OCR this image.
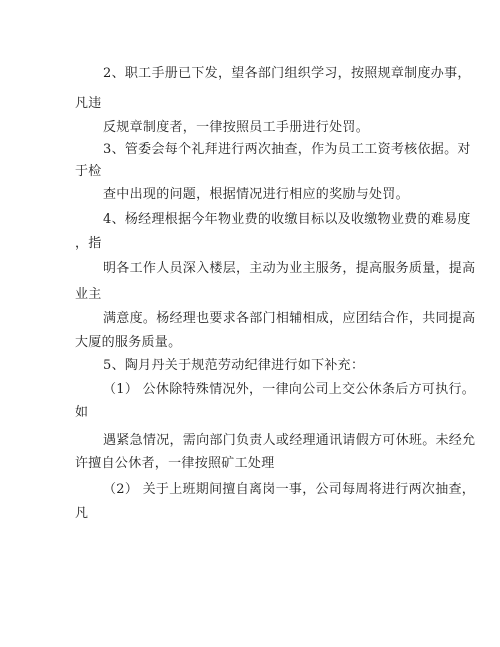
2、职工手册已下发，望各部门组织学习，按照规章制度办事，
凡违
反规章制度者，一律按照员工手册进行处罚。
3、管委会每个礼拜进行两次抽查，作为员工工资考核依据。对
于检
查中出现的问题，根据情况进行相应的奖励与处罚。
4、杨经理根据今年物业费的收缴目标以及收缴物业费的难易度
，指
明各工作人员深入楼层，主动为业主服务，提高服务质量，提高
业主
满意度。杨经理也要求各部门相辅相成，应团结合作，共同提高
大厦的服务质量。
5、陶月丹关于规范劳动纪律进行如下补充：
（1） 公休除特殊情况外，一律向公司上交公休条后方可执行。
如
遇紧急情况，需向部门负责人或经理通讯请假方可休班。未经允
许擅自公休者，一律按照矿工处理
（2） 关于上班期间擅自离岗一事，公司每周将进行两次抽查，
凡
